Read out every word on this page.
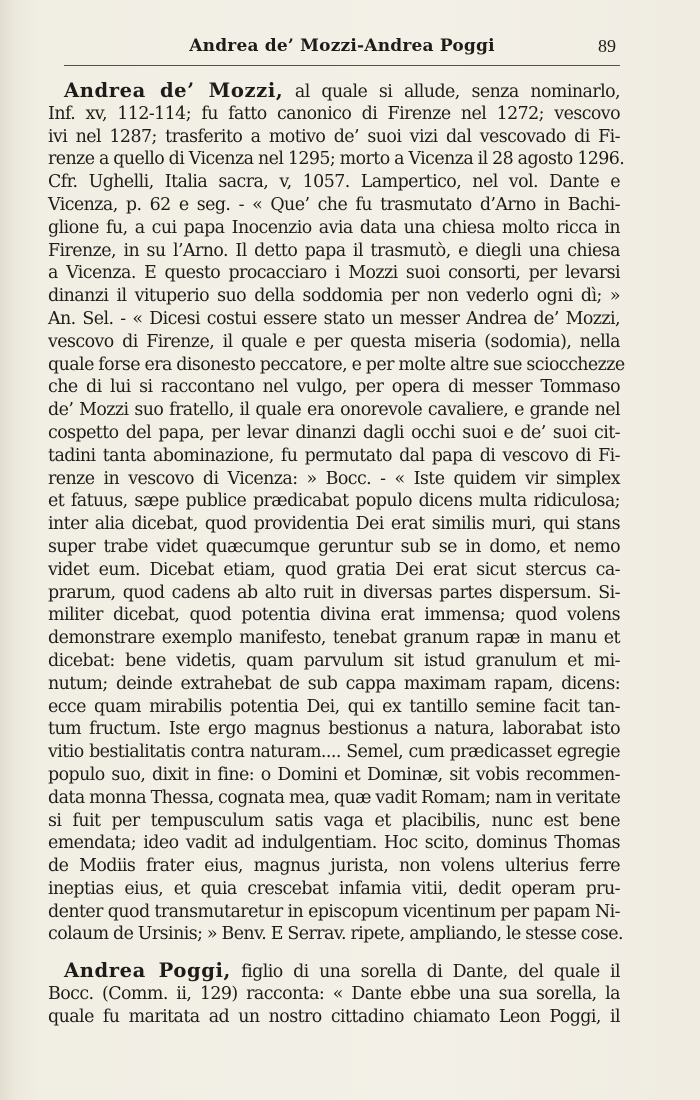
Andrea de’ Mozzi-Andrea Poggi	89
Andrea de’ Mozzi, al quale si allude, senza nominarlo,
Inf. xv, 112-114; fu fatto canonico di Firenze nel 1272; vescovo
ivi nel 1287; trasferito a motivo de’ suoi vizi dal vescovado di Fi-
renze a quello di Vicenza nel 1295; morto a Vicenza il 28 agosto 1296.
Cfr. Ughelli, Italia sacra, v, 1057. Lampertico, nel vol. Dante e
Vicenza, p. 62 e seg. - « Que’ che fu trasmutato d’Arno in Bachi-
glione fu, a cui papa Inocenzio avia data una chiesa molto ricca in
Firenze, in su l’Arno. Il detto papa il trasmutò, e diegli una chiesa
a Vicenza. E questo procacciaro i Mozzi suoi consorti, per levarsi
dinanzi il vituperio suo della soddomia per non vederlo ogni dì; »
An. Sel. - « Dicesi costui essere stato un messer Andrea de’ Mozzi,
vescovo di Firenze, il quale e per questa miseria (sodomia), nella
quale forse era disonesto peccatore, e per molte altre sue sciocchezze
che di lui si raccontano nel vulgo, per opera di messer Tommaso
de’ Mozzi suo fratello, il quale era onorevole cavaliere, e grande nel
cospetto del papa, per levar dinanzi dagli occhi suoi e de’ suoi cit-
tadini tanta abominazione, fu permutato dal papa di vescovo di Fi-
renze in vescovo di Vicenza: » Bocc. - « Iste quidem vir simplex
et fatuus, sæpe publice prædicabat populo dicens multa ridiculosa;
inter alia dicebat, quod providentia Dei erat similis muri, qui stans
super trabe videt quæcumque geruntur sub se in domo, et nemo
videt eum. Dicebat etiam, quod gratia Dei erat sicut stercus ca-
prarum, quod cadens ab alto ruit in diversas partes dispersum. Si-
militer dicebat, quod potentia divina erat immensa; quod volens
demonstrare exemplo manifesto, tenebat granum rapæ in manu et
dicebat: bene videtis, quam parvulum sit istud granulum et mi-
nutum; deinde extrahebat de sub cappa maximam rapam, dicens:
ecce quam mirabilis potentia Dei, qui ex tantillo semine facit tan-
tum fructum. Iste ergo magnus bestionus a natura, laborabat isto
vitio bestialitatis contra naturam.... Semel, cum prædicasset egregie
populo suo, dixit in fine: o Domini et Dominæ, sit vobis recommen-
data monna Thessa, cognata mea, quæ vadit Romam; nam in veritate
si fuit per tempusculum satis vaga et placibilis, nunc est bene
emendata; ideo vadit ad indulgentiam. Hoc scito, dominus Thomas
de Modiis frater eius, magnus jurista, non volens ulterius ferre
ineptias eius, et quia crescebat infamia vitii, dedit operam pru-
denter quod transmutaretur in episcopum vicentinum per papam Ni-
colaum de Ursinis; » Benv. E Serrav. ripete, ampliando, le stesse cose.
Andrea Poggi, figlio di una sorella di Dante, del quale il
Bocc. (Comm. ii, 129) racconta: « Dante ebbe una sua sorella, la
quale fu maritata ad un nostro cittadino chiamato Leon Poggi, il
